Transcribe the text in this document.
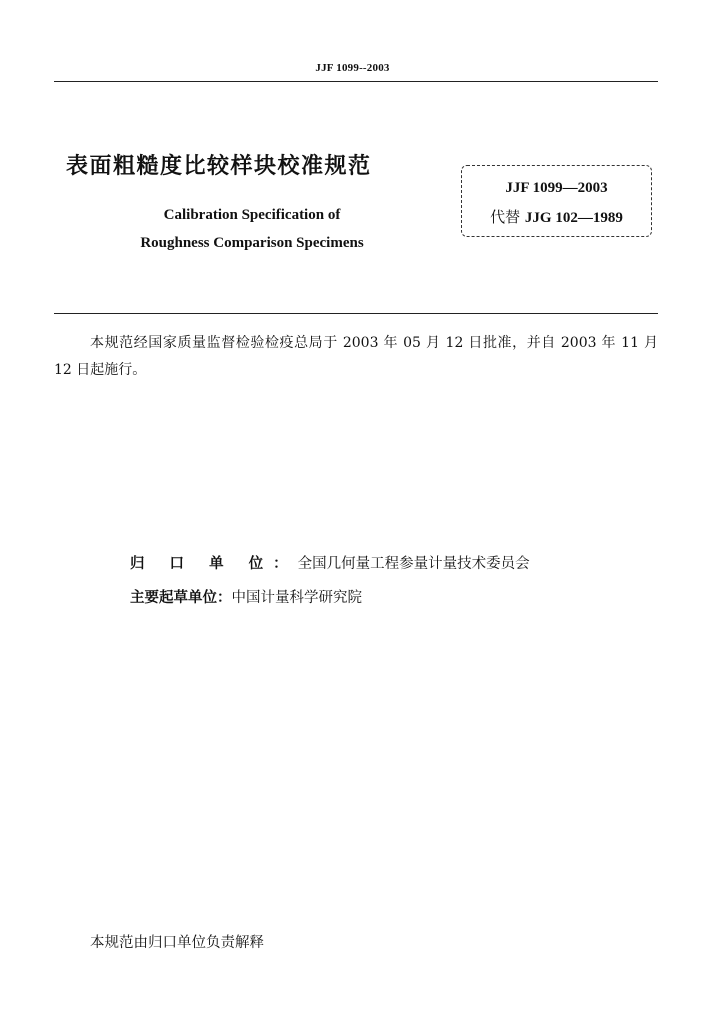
JJF 1099--2003
表面粗糙度比较样块校准规范
Calibration Specification of
Roughness Comparison Specimens
JJF 1099—2003
代替 JJG 102—1989
本规范经国家质量监督检验检疫总局于 2003 年 05 月 12 日批准，并自 2003 年 11 月 12 日起施行。
归 口 单 位：全国几何量工程参量计量技术委员会
主要起草单位：中国计量科学研究院
本规范由归口单位负责解释
